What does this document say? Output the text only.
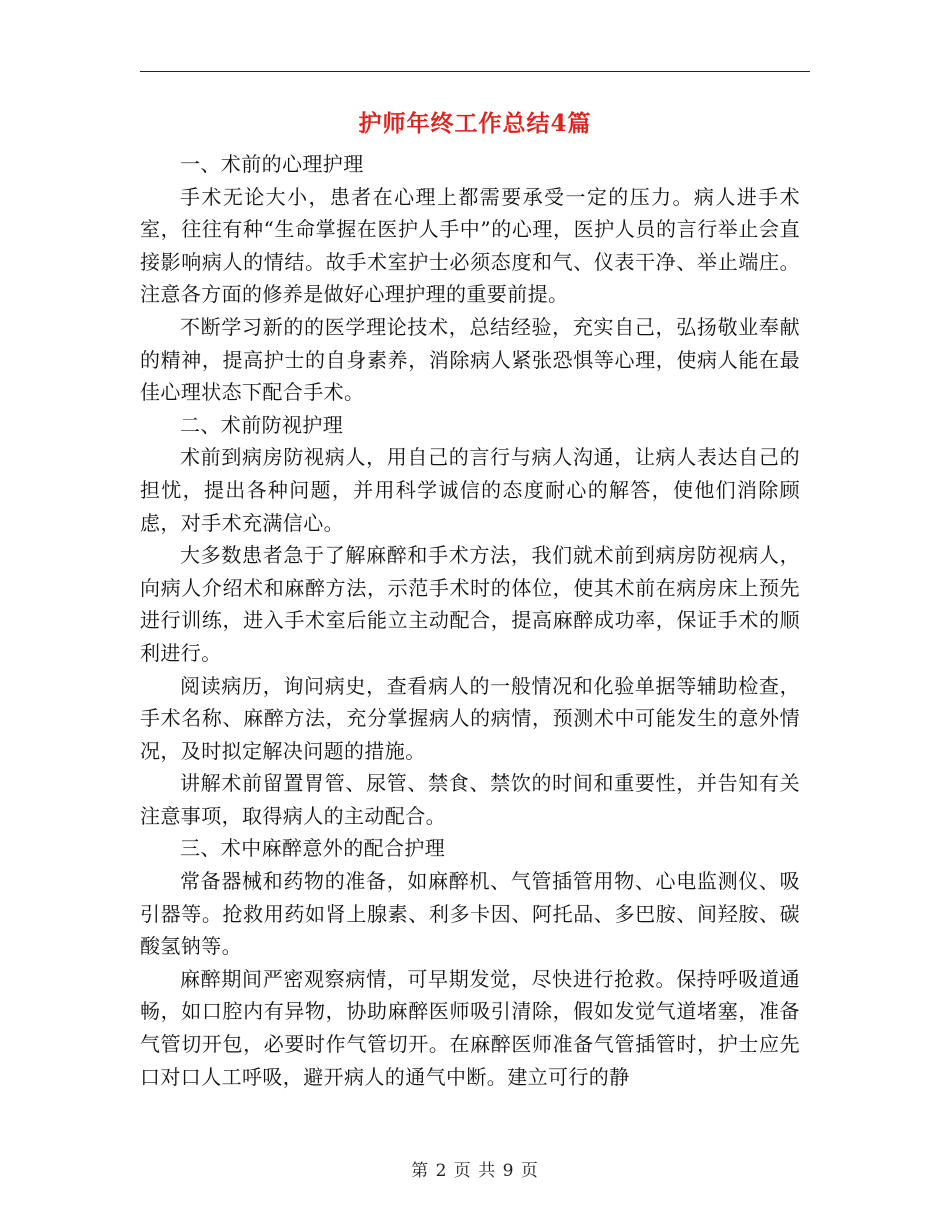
护师年终工作总结4篇

一、术前的心理护理

手术无论大小，患者在心理上都需要承受一定的压力。病人进手术室，往往有种“生命掌握在医护人手中”的心理，医护人员的言行举止会直接影响病人的情结。故手术室护士必须态度和气、仪表干净、举止端庄。注意各方面的修养是做好心理护理的重要前提。

不断学习新的的医学理论技术，总结经验，充实自己，弘扬敬业奉献的精神，提高护士的自身素养，消除病人紧张恐惧等心理，使病人能在最佳心理状态下配合手术。

二、术前防视护理

术前到病房防视病人，用自己的言行与病人沟通，让病人表达自己的担忧，提出各种问题，并用科学诚信的态度耐心的解答，使他们消除顾虑，对手术充满信心。

大多数患者急于了解麻醉和手术方法，我们就术前到病房防视病人，向病人介绍术和麻醉方法，示范手术时的体位，使其术前在病房床上预先进行训练，进入手术室后能立主动配合，提高麻醉成功率，保证手术的顺利进行。

阅读病历，询问病史，查看病人的一般情况和化验单据等辅助检查，手术名称、麻醉方法，充分掌握病人的病情，预测术中可能发生的意外情况，及时拟定解决问题的措施。

讲解术前留置胃管、尿管、禁食、禁饮的时间和重要性，并告知有关注意事项，取得病人的主动配合。

三、术中麻醉意外的配合护理

常备器械和药物的准备，如麻醉机、气管插管用物、心电监测仪、吸引器等。抢救用药如肾上腺素、利多卡因、阿托品、多巴胺、间羟胺、碳酸氢钠等。

麻醉期间严密观察病情，可早期发觉，尽快进行抢救。保持呼吸道通畅，如口腔内有异物，协助麻醉医师吸引清除，假如发觉气道堵塞，准备气管切开包，必要时作气管切开。在麻醉医师准备气管插管时，护士应先口对口人工呼吸，避开病人的通气中断。建立可行的静

第 2 页 共 9 页
